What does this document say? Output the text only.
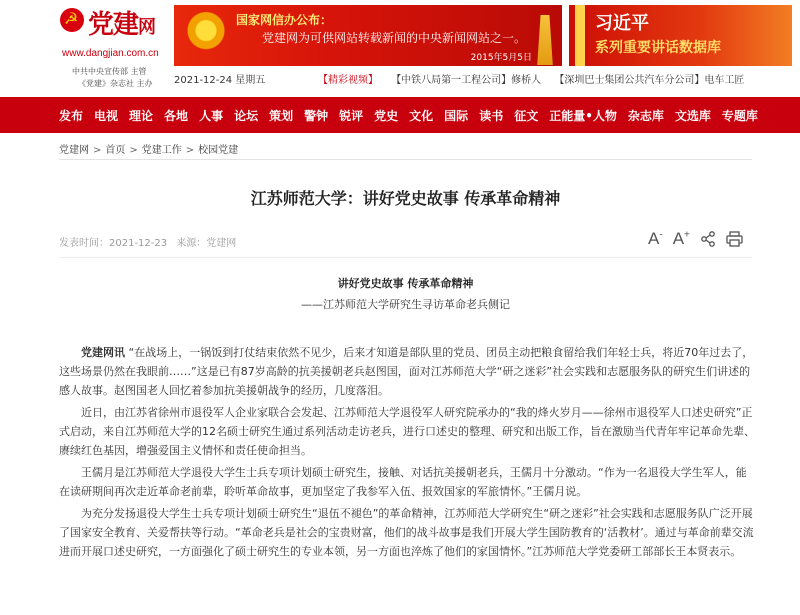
☭
党建网
www.dangjian.com.cn
中共中央宣传部 主管
《党建》杂志社 主办
国家网信办公布：
党建网为可供网站转载新闻的中央新闻网站之一。
2015年5月5日
习近平
系列重要讲话数据库
2021-12-24 星期五	【精彩视频】 【中铁八局第一工程公司】修桥人 【深圳巴士集团公共汽车分公司】电车工匠
发布 电视 理论 各地 人事 论坛 策划 警钟 锐评 党史 文化 国际 读书 征文 正能量•人物 杂志库 文选库 专题库
党建网 > 首页 > 党建工作 > 校园党建
江苏师范大学：讲好党史故事 传承革命精神
发表时间：2021-12-23 来源：党建网	A- A+
讲好党史故事 传承革命精神
——江苏师范大学研究生寻访革命老兵侧记

党建网讯 “在战场上，一锅饭到打仗结束依然不见少，后来才知道是部队里的党员、团员主动把粮食留给我们年轻士兵，将近70年过去了，这些场景仍然在我眼前……”这是已有87岁高龄的抗美援朝老兵赵图国，面对江苏师范大学“研之迷彩”社会实践和志愿服务队的研究生们讲述的感人故事。赵图国老人回忆着参加抗美援朝战争的经历，几度落泪。

近日，由江苏省徐州市退役军人企业家联合会发起、江苏师范大学退役军人研究院承办的“我的烽火岁月——徐州市退役军人口述史研究”正式启动，来自江苏师范大学的12名硕士研究生通过系列活动走访老兵，进行口述史的整理、研究和出版工作，旨在激励当代青年牢记革命先辈、赓续红色基因，增强爱国主义情怀和责任使命担当。

王儒月是江苏师范大学退役大学生士兵专项计划硕士研究生，接触、对话抗美援朝老兵，王儒月十分激动。“作为一名退役大学生军人，能在读研期间再次走近革命老前辈，聆听革命故事，更加坚定了我参军入伍、报效国家的军旅情怀。”王儒月说。

为充分发扬退役大学生士兵专项计划硕士研究生“退伍不褪色”的革命精神，江苏师范大学研究生“研之迷彩”社会实践和志愿服务队广泛开展了国家安全教育、关爱帮扶等行动。“革命老兵是社会的宝贵财富，他们的战斗故事是我们开展大学生国防教育的‘活教材’。通过与革命前辈交流进而开展口述史研究，一方面强化了硕士研究生的专业本领，另一方面也淬炼了他们的家国情怀。”江苏师范大学党委研工部部长王本贤表示。
